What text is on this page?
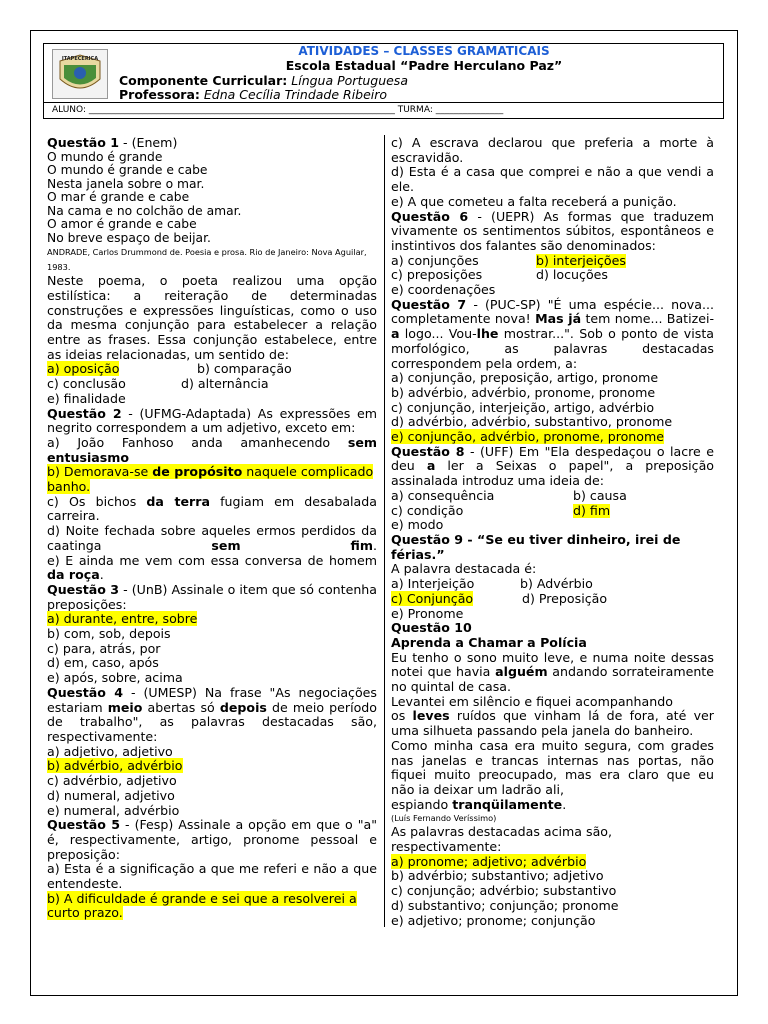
ITAPECERICA
ATIVIDADES – CLASSES GRAMATICAIS
Escola Estadual “Padre Herculano Paz”
Componente Curricular: Língua Portuguesa
Professora: Edna Cecília Trindade Ribeiro
ALUNO: ____________________________________________________________________ TURMA: _______________

Questão 1 - (Enem)

O mundo é grande

O mundo é grande e cabe

Nesta janela sobre o mar.

O mar é grande e cabe

Na cama e no colchão de amar.

O amor é grande e cabe

No breve espaço de beijar.

ANDRADE, Carlos Drummond de. Poesia e prosa. Rio de Janeiro: Nova Aguilar, 1983.

Neste poema, o poeta realizou uma opção estilística: a reiteração de determinadas construções e expressões linguísticas, como o uso da mesma conjunção para estabelecer a relação entre as frases. Essa conjunção estabelece, entre as ideias relacionadas, um sentido de:

a) oposição	b) comparação
c) conclusão	d) alternância

e) finalidade

Questão 2 - (UFMG-Adaptada) As expressões em negrito correspondem a um adjetivo, exceto em:

a) João Fanhoso anda amanhecendo sem entusiasmo

b) Demorava-se de propósito naquele complicado banho.

c) Os bichos da terra fugiam em desabalada carreira.

d) Noite fechada sobre aqueles ermos perdidos da caatinga sem	fim.

e) E ainda me vem com essa conversa de homem da roça.

Questão 3 - (UnB) Assinale o item que só contenha preposições:

a) durante, entre, sobre

b) com, sob, depois

c) para, atrás, por

d) em, caso, após

e) após, sobre, acima

Questão 4 - (UMESP) Na frase "As negociações estariam meio abertas só depois de meio período de trabalho", as palavras destacadas são, respectivamente:

a) adjetivo, adjetivo

b) advérbio, advérbio

c) advérbio, adjetivo

d) numeral, adjetivo

e) numeral, advérbio

Questão 5 - (Fesp) Assinale a opção em que o "a" é, respectivamente, artigo, pronome pessoal e preposição:

a) Esta é a significação a que me referi e não a que entendeste.

b) A dificuldade é grande e sei que a resolverei a curto prazo.

c) A escrava declarou que preferia a morte à escravidão.

d) Esta é a casa que comprei e não a que vendi a ele.

e) A que cometeu a falta receberá a punição.

Questão 6 - (UEPR) As formas que traduzem vivamente os sentimentos súbitos, espontâneos e instintivos dos falantes são denominados:

a) conjunções	b) interjeições
c) preposições	d) locuções

e) coordenações

Questão 7 - (PUC-SP) "É uma espécie... nova... completamente nova! Mas já tem nome... Batizei-a logo... Vou-lhe mostrar...". Sob o ponto de vista morfológico, as palavras destacadas correspondem pela ordem, a:

a) conjunção, preposição, artigo, pronome

b) advérbio, advérbio, pronome, pronome

c) conjunção, interjeição, artigo, advérbio

d) advérbio, advérbio, substantivo, pronome

e) conjunção, advérbio, pronome, pronome

Questão 8 - (UFF) Em "Ela despedaçou o lacre e deu a ler a Seixas o papel", a preposição assinalada introduz uma ideia de:

a) consequência	b) causa
c) condição	d) fim

e) modo

Questão 9 - “Se eu tiver dinheiro, irei de férias.”

A palavra destacada é:

a) Interjeição	b) Advérbio
c) Conjunção	d) Preposição

e) Pronome

Questão 10

Aprenda a Chamar a Polícia

Eu tenho o sono muito leve, e numa noite dessas notei que havia alguém andando sorrateiramente no quintal de casa.

Levantei em silêncio e fiquei acompanhando

os leves ruídos que vinham lá de fora, até ver uma silhueta passando pela janela do banheiro.

Como minha casa era muito segura, com grades nas janelas e trancas internas nas portas, não fiquei muito preocupado, mas era claro que eu não ia deixar um ladrão ali,

espiando tranqüilamente.

(Luís Fernando Veríssimo)

As palavras destacadas acima são, respectivamente:

a) pronome; adjetivo; advérbio

b) advérbio; substantivo; adjetivo

c) conjunção; advérbio; substantivo

d) substantivo; conjunção; pronome

e) adjetivo; pronome; conjunção
